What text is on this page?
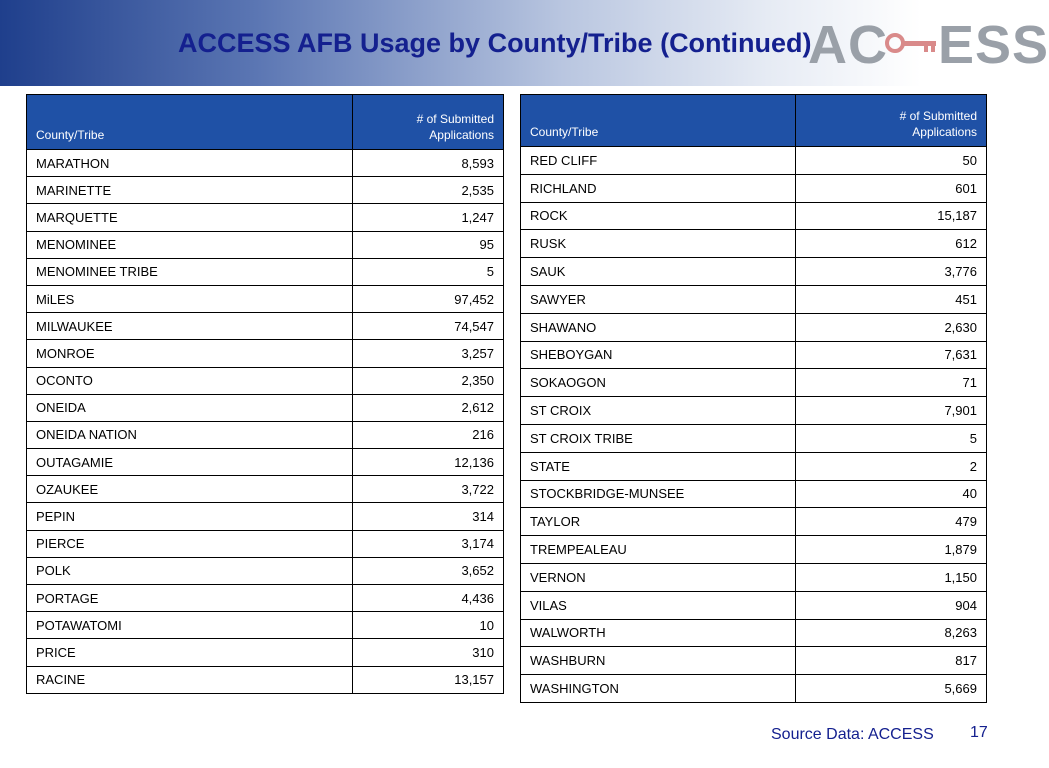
ACCESS AFB Usage by County/Tribe (Continued)
AC ESS
County/Tribe	# of Submitted
Applications
MARATHON	8,593
MARINETTE	2,535
MARQUETTE	1,247
MENOMINEE	95
MENOMINEE TRIBE	5
MiLES	97,452
MILWAUKEE	74,547
MONROE	3,257
OCONTO	2,350
ONEIDA	2,612
ONEIDA NATION	216
OUTAGAMIE	12,136
OZAUKEE	3,722
PEPIN	314
PIERCE	3,174
POLK	3,652
PORTAGE	4,436
POTAWATOMI	10
PRICE	310
RACINE	13,157
County/Tribe	# of Submitted
Applications
RED CLIFF	50
RICHLAND	601
ROCK	15,187
RUSK	612
SAUK	3,776
SAWYER	451
SHAWANO	2,630
SHEBOYGAN	7,631
SOKAOGON	71
ST CROIX	7,901
ST CROIX TRIBE	5
STATE	2
STOCKBRIDGE-MUNSEE	40
TAYLOR	479
TREMPEALEAU	1,879
VERNON	1,150
VILAS	904
WALWORTH	8,263
WASHBURN	817
WASHINGTON	5,669
Source Data: ACCESS 17
